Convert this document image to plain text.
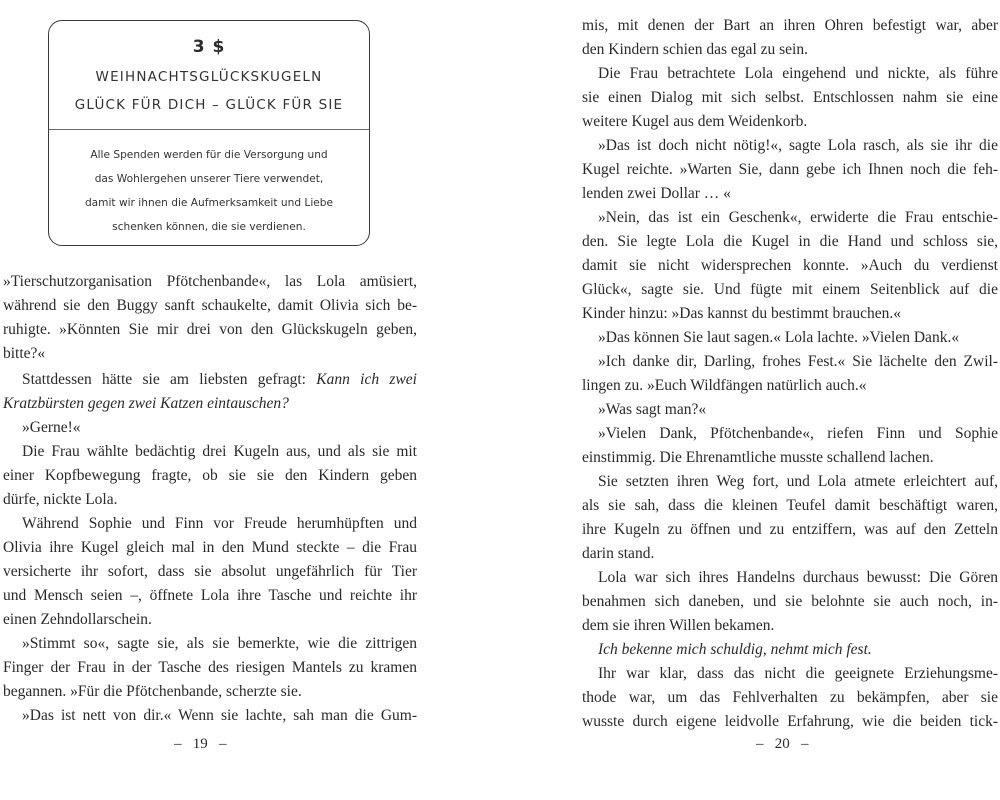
3 $
WEIHNACHTSGLÜCKSKUGELN
GLÜCK FÜR DICH – GLÜCK FÜR SIE
Alle Spenden werden für die Versorgung und
das Wohlergehen unserer Tiere verwendet,
damit wir ihnen die Aufmerksamkeit und Liebe
schenken können, die sie verdienen.
»Tierschutzorganisation Pfötchenbande«, las Lola amüsiert,
während sie den Buggy sanft schaukelte, damit Olivia sich be-
ruhigte. »Könnten Sie mir drei von den Glückskugeln geben,
bitte?«
Stattdessen hätte sie am liebsten gefragt: Kann ich zwei
Kratzbürsten gegen zwei Katzen eintauschen?
»Gerne!«
Die Frau wählte bedächtig drei Kugeln aus, und als sie mit
einer Kopfbewegung fragte, ob sie sie den Kindern geben
dürfe, nickte Lola.
Während Sophie und Finn vor Freude herumhüpften und
Olivia ihre Kugel gleich mal in den Mund steckte – die Frau
versicherte ihr sofort, dass sie absolut ungefährlich für Tier
und Mensch seien –, öffnete Lola ihre Tasche und reichte ihr
einen Zehndollarschein.
»Stimmt so«, sagte sie, als sie bemerkte, wie die zittrigen
Finger der Frau in der Tasche des riesigen Mantels zu kramen
begannen. »Für die Pfötchenbande, scherzte sie.
»Das ist nett von dir.« Wenn sie lachte, sah man die Gum-
–   19   –
mis, mit denen der Bart an ihren Ohren befestigt war, aber
den Kindern schien das egal zu sein.
Die Frau betrachtete Lola eingehend und nickte, als führe
sie einen Dialog mit sich selbst. Entschlossen nahm sie eine
weitere Kugel aus dem Weidenkorb.
»Das ist doch nicht nötig!«, sagte Lola rasch, als sie ihr die
Kugel reichte. »Warten Sie, dann gebe ich Ihnen noch die feh-
lenden zwei Dollar … «
»Nein, das ist ein Geschenk«, erwiderte die Frau entschie-
den. Sie legte Lola die Kugel in die Hand und schloss sie,
damit sie nicht widersprechen konnte. »Auch du verdienst
Glück«, sagte sie. Und fügte mit einem Seitenblick auf die
Kinder hinzu: »Das kannst du bestimmt brauchen.«
»Das können Sie laut sagen.« Lola lachte. »Vielen Dank.«
»Ich danke dir, Darling, frohes Fest.« Sie lächelte den Zwil-
lingen zu. »Euch Wildfängen natürlich auch.«
»Was sagt man?«
»Vielen Dank, Pfötchenbande«, riefen Finn und Sophie
einstimmig. Die Ehrenamtliche musste schallend lachen.
Sie setzten ihren Weg fort, und Lola atmete erleichtert auf,
als sie sah, dass die kleinen Teufel damit beschäftigt waren,
ihre Kugeln zu öffnen und zu entziffern, was auf den Zetteln
darin stand.
Lola war sich ihres Handelns durchaus bewusst: Die Gören
benahmen sich daneben, und sie belohnte sie auch noch, in-
dem sie ihren Willen bekamen.
Ich bekenne mich schuldig, nehmt mich fest.
Ihr war klar, dass das nicht die geeignete Erziehungsme-
thode war, um das Fehlverhalten zu bekämpfen, aber sie
wusste durch eigene leidvolle Erfahrung, wie die beiden tick-
–   20   –
